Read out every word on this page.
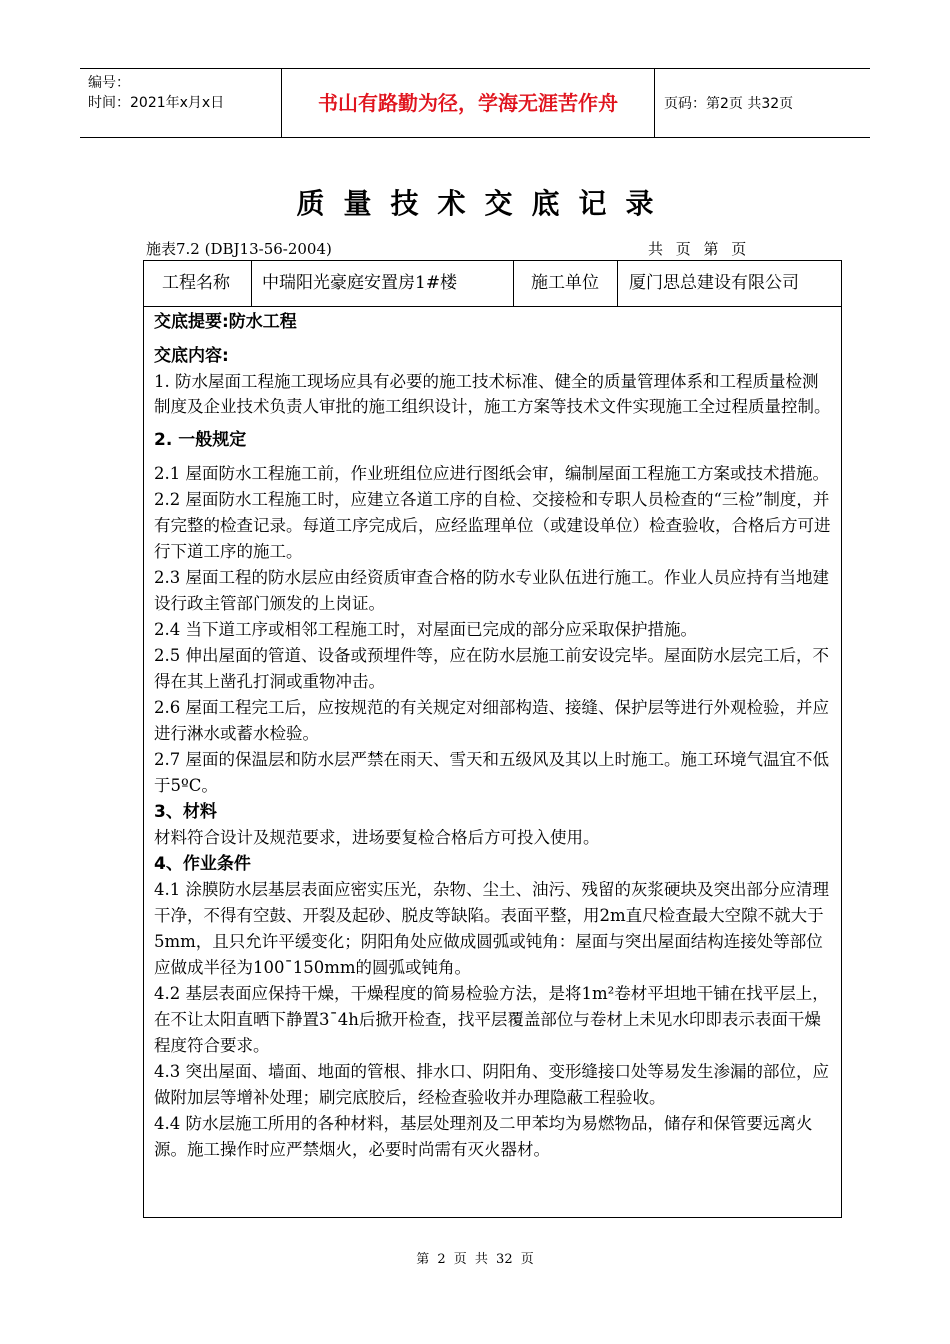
编号：
时间：2021年x月x日	书山有路勤为径，学海无涯苦作舟	页码：第2页 共32页
质量技术交底记录
施表7.2 (DBJ13-56-2004)	共 页 第 页
工程名称 中瑞阳光豪庭安置房1#楼	施工单位 厦门思总建设有限公司

交底提要:防水工程

交底内容:

1. 防水屋面工程施工现场应具有必要的施工技术标准、健全的质量管理体系和工程质量检测制度及企业技术负责人审批的施工组织设计，施工方案等技术文件实现施工全过程质量控制。

2. 一般规定

2.1 屋面防水工程施工前，作业班组位应进行图纸会审，编制屋面工程施工方案或技术措施。

2.2 屋面防水工程施工时，应建立各道工序的自检、交接检和专职人员检查的“三检”制度，并有完整的检查记录。每道工序完成后，应经监理单位（或建设单位）检查验收，合格后方可进行下道工序的施工。

2.3 屋面工程的防水层应由经资质审查合格的防水专业队伍进行施工。作业人员应持有当地建设行政主管部门颁发的上岗证。

2.4 当下道工序或相邻工程施工时，对屋面已完成的部分应采取保护措施。

2.5 伸出屋面的管道、设备或预埋件等，应在防水层施工前安设完毕。屋面防水层完工后，不得在其上凿孔打洞或重物冲击。

2.6 屋面工程完工后，应按规范的有关规定对细部构造、接缝、保护层等进行外观检验，并应进行淋水或蓄水检验。

2.7 屋面的保温层和防水层严禁在雨天、雪天和五级风及其以上时施工。施工环境气温宜不低于5ºC。

3、材料

材料符合设计及规范要求，进场要复检合格后方可投入使用。

4、作业条件

4.1 涂膜防水层基层表面应密实压光，杂物、尘土、油污、残留的灰浆硬块及突出部分应清理干净，不得有空鼓、开裂及起砂、脱皮等缺陷。表面平整，用2m直尺检查最大空隙不就大于5mm，且只允许平缓变化；阴阳角处应做成圆弧或钝角：屋面与突出屋面结构连接处等部位应做成半径为100¯150mm的圆弧或钝角。

4.2 基层表面应保持干燥，干燥程度的简易检验方法，是将1m²卷材平坦地干铺在找平层上，在不让太阳直晒下静置3¯4h后掀开检查，找平层覆盖部位与卷材上未见水印即表示表面干燥程度符合要求。

4.3 突出屋面、墙面、地面的管根、排水口、阴阳角、变形缝接口处等易发生渗漏的部位，应做附加层等增补处理；刷完底胶后，经检查验收并办理隐蔽工程验收。

4.4 防水层施工所用的各种材料，基层处理剂及二甲苯均为易燃物品，储存和保管要远离火源。施工操作时应严禁烟火，必要时尚需有灭火器材。

第 2 页 共 32 页
